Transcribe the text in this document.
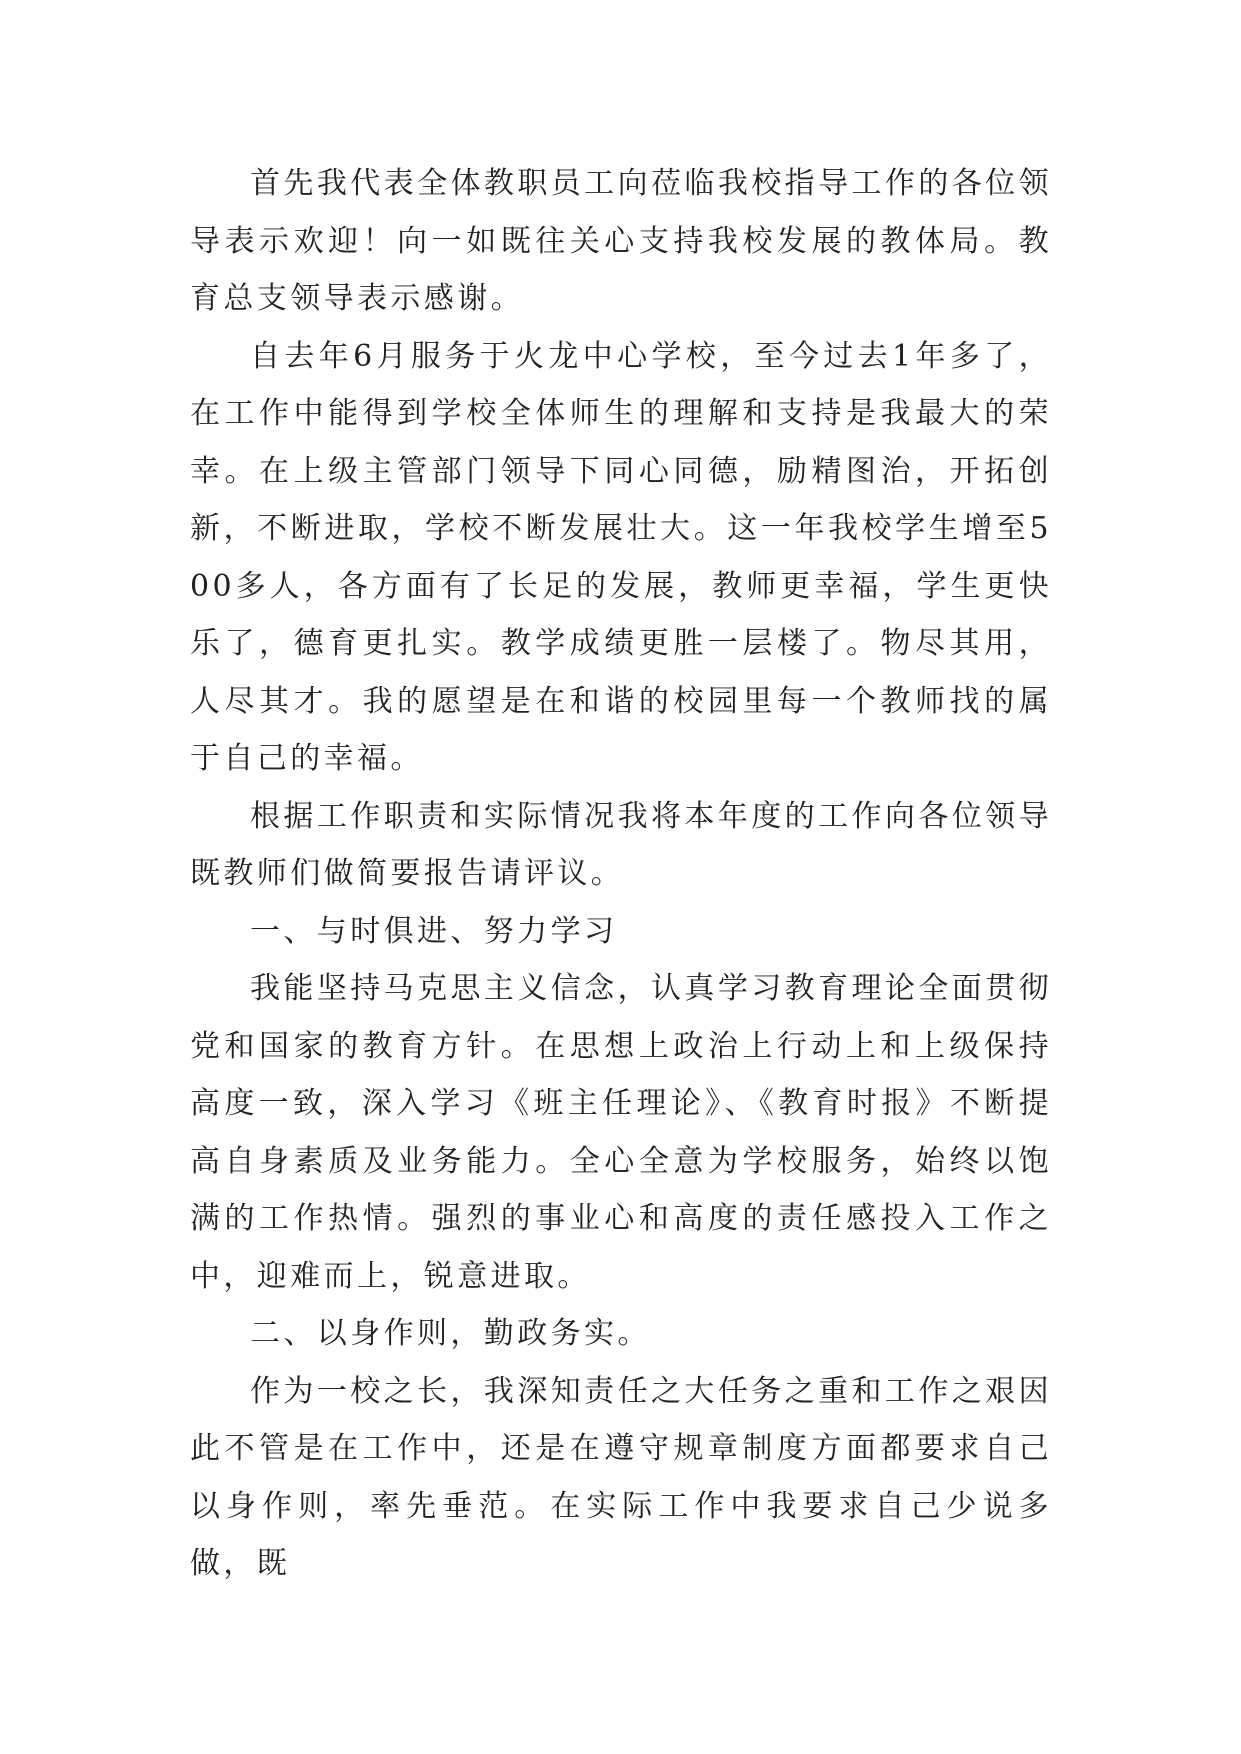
首先我代表全体教职员工向莅临我校指导工作的各位领导表示欢迎！向一如既往关心支持我校发展的教体局。教育总支领导表示感谢。

自去年6月服务于火龙中心学校，至今过去1年多了，在工作中能得到学校全体师生的理解和支持是我最大的荣幸。在上级主管部门领导下同心同德，励精图治，开拓创新，不断进取，学校不断发展壮大。这一年我校学生增至500多人，各方面有了长足的发展，教师更幸福，学生更快乐了，德育更扎实。教学成绩更胜一层楼了。物尽其用，人尽其才。我的愿望是在和谐的校园里每一个教师找的属于自己的幸福。

根据工作职责和实际情况我将本年度的工作向各位领导既教师们做简要报告请评议。

一、与时俱进、努力学习

我能坚持马克思主义信念，认真学习教育理论全面贯彻党和国家的教育方针。在思想上政治上行动上和上级保持高度一致，深入学习《班主任理论》、《教育时报》不断提高自身素质及业务能力。全心全意为学校服务，始终以饱满的工作热情。强烈的事业心和高度的责任感投入工作之中，迎难而上，锐意进取。

二、以身作则，勤政务实。

作为一校之长，我深知责任之大任务之重和工作之艰因此不管是在工作中，还是在遵守规章制度方面都要求自己以身作则，率先垂范。在实际工作中我要求自己少说多做，既
